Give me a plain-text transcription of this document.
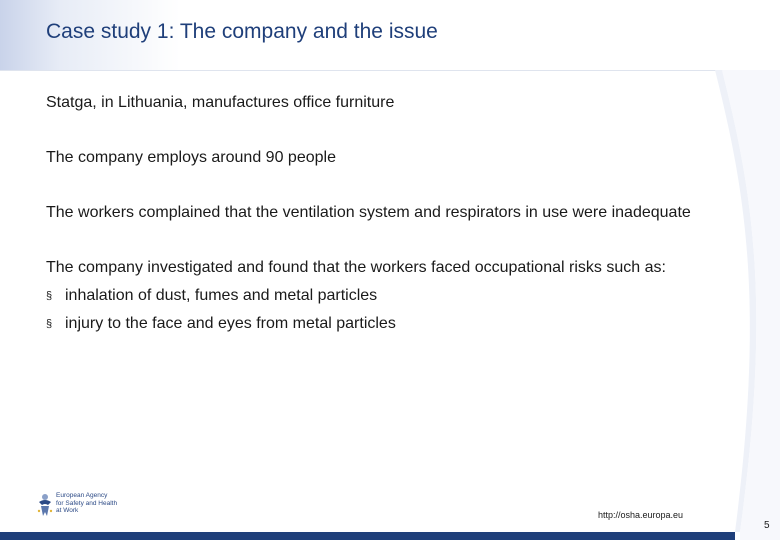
Case study 1: The company and the issue

Statga, in Lithuania, manufactures office furniture

The company employs around 90 people

The workers complained that the ventilation system and respirators in use were inadequate

The company investigated and found that the workers faced occupational risks such as:

§ inhalation of dust, fumes and metal particles
§ injury to the face and eyes from metal particles
European Agency
for Safety and Health
at Work	http://osha.europa.eu
5
